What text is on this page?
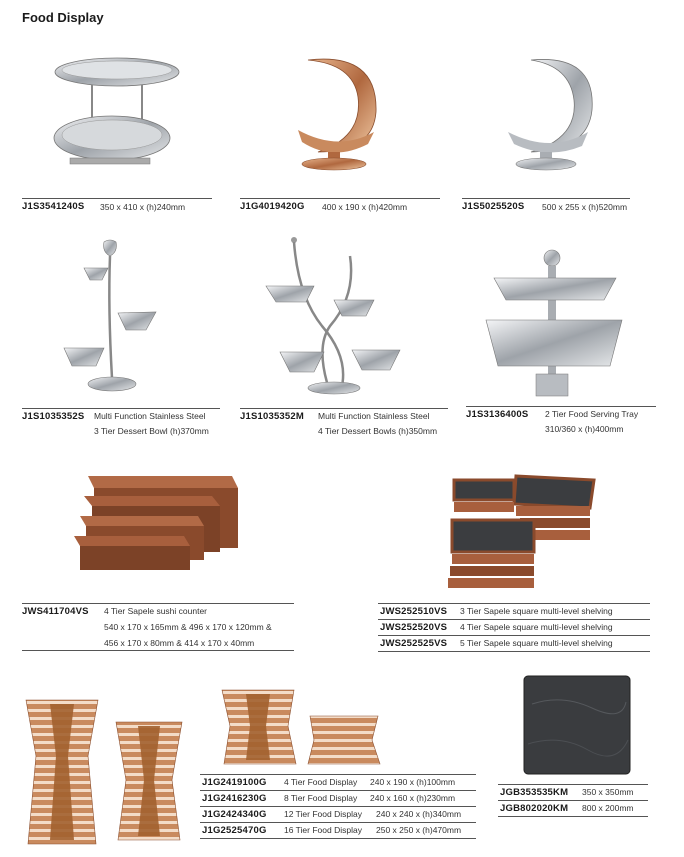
Food Display
J1S3541240S 350 x 410 x (h)240mm	J1G4019420G 400 x 190 x (h)420mm	J1S5025520S 500 x 255 x (h)520mm
J1S1035352S Multi Function Stainless Steel
3 Tier Dessert Bowl (h)370mm
J1S1035352M Multi Function Stainless Steel
4 Tier Dessert Bowls (h)350mm
J1S3136400S 2 Tier Food Serving Tray
310/360 x (h)400mm
JWS411704VS 4 Tier Sapele sushi counter
540 x 170 x 165mm & 496 x 170 x 120mm &
456 x 170 x 80mm & 414 x 170 x 40mm
JWS252510VS 3 Tier Sapele square multi-level shelving
JWS252520VS 4 Tier Sapele square multi-level shelving
JWS252525VS 5 Tier Sapele square multi-level shelving
J1G2419100G 4 Tier Food Display 240 x 190 x (h)100mm
J1G2416230G 8 Tier Food Display 240 x 160 x (h)230mm
J1G2424340G 12 Tier Food Display 240 x 240 x (h)340mm
J1G2525470G 16 Tier Food Display 250 x 250 x (h)470mm
JGB353535KM 350 x 350mm
JGB802020KM 800 x 200mm
